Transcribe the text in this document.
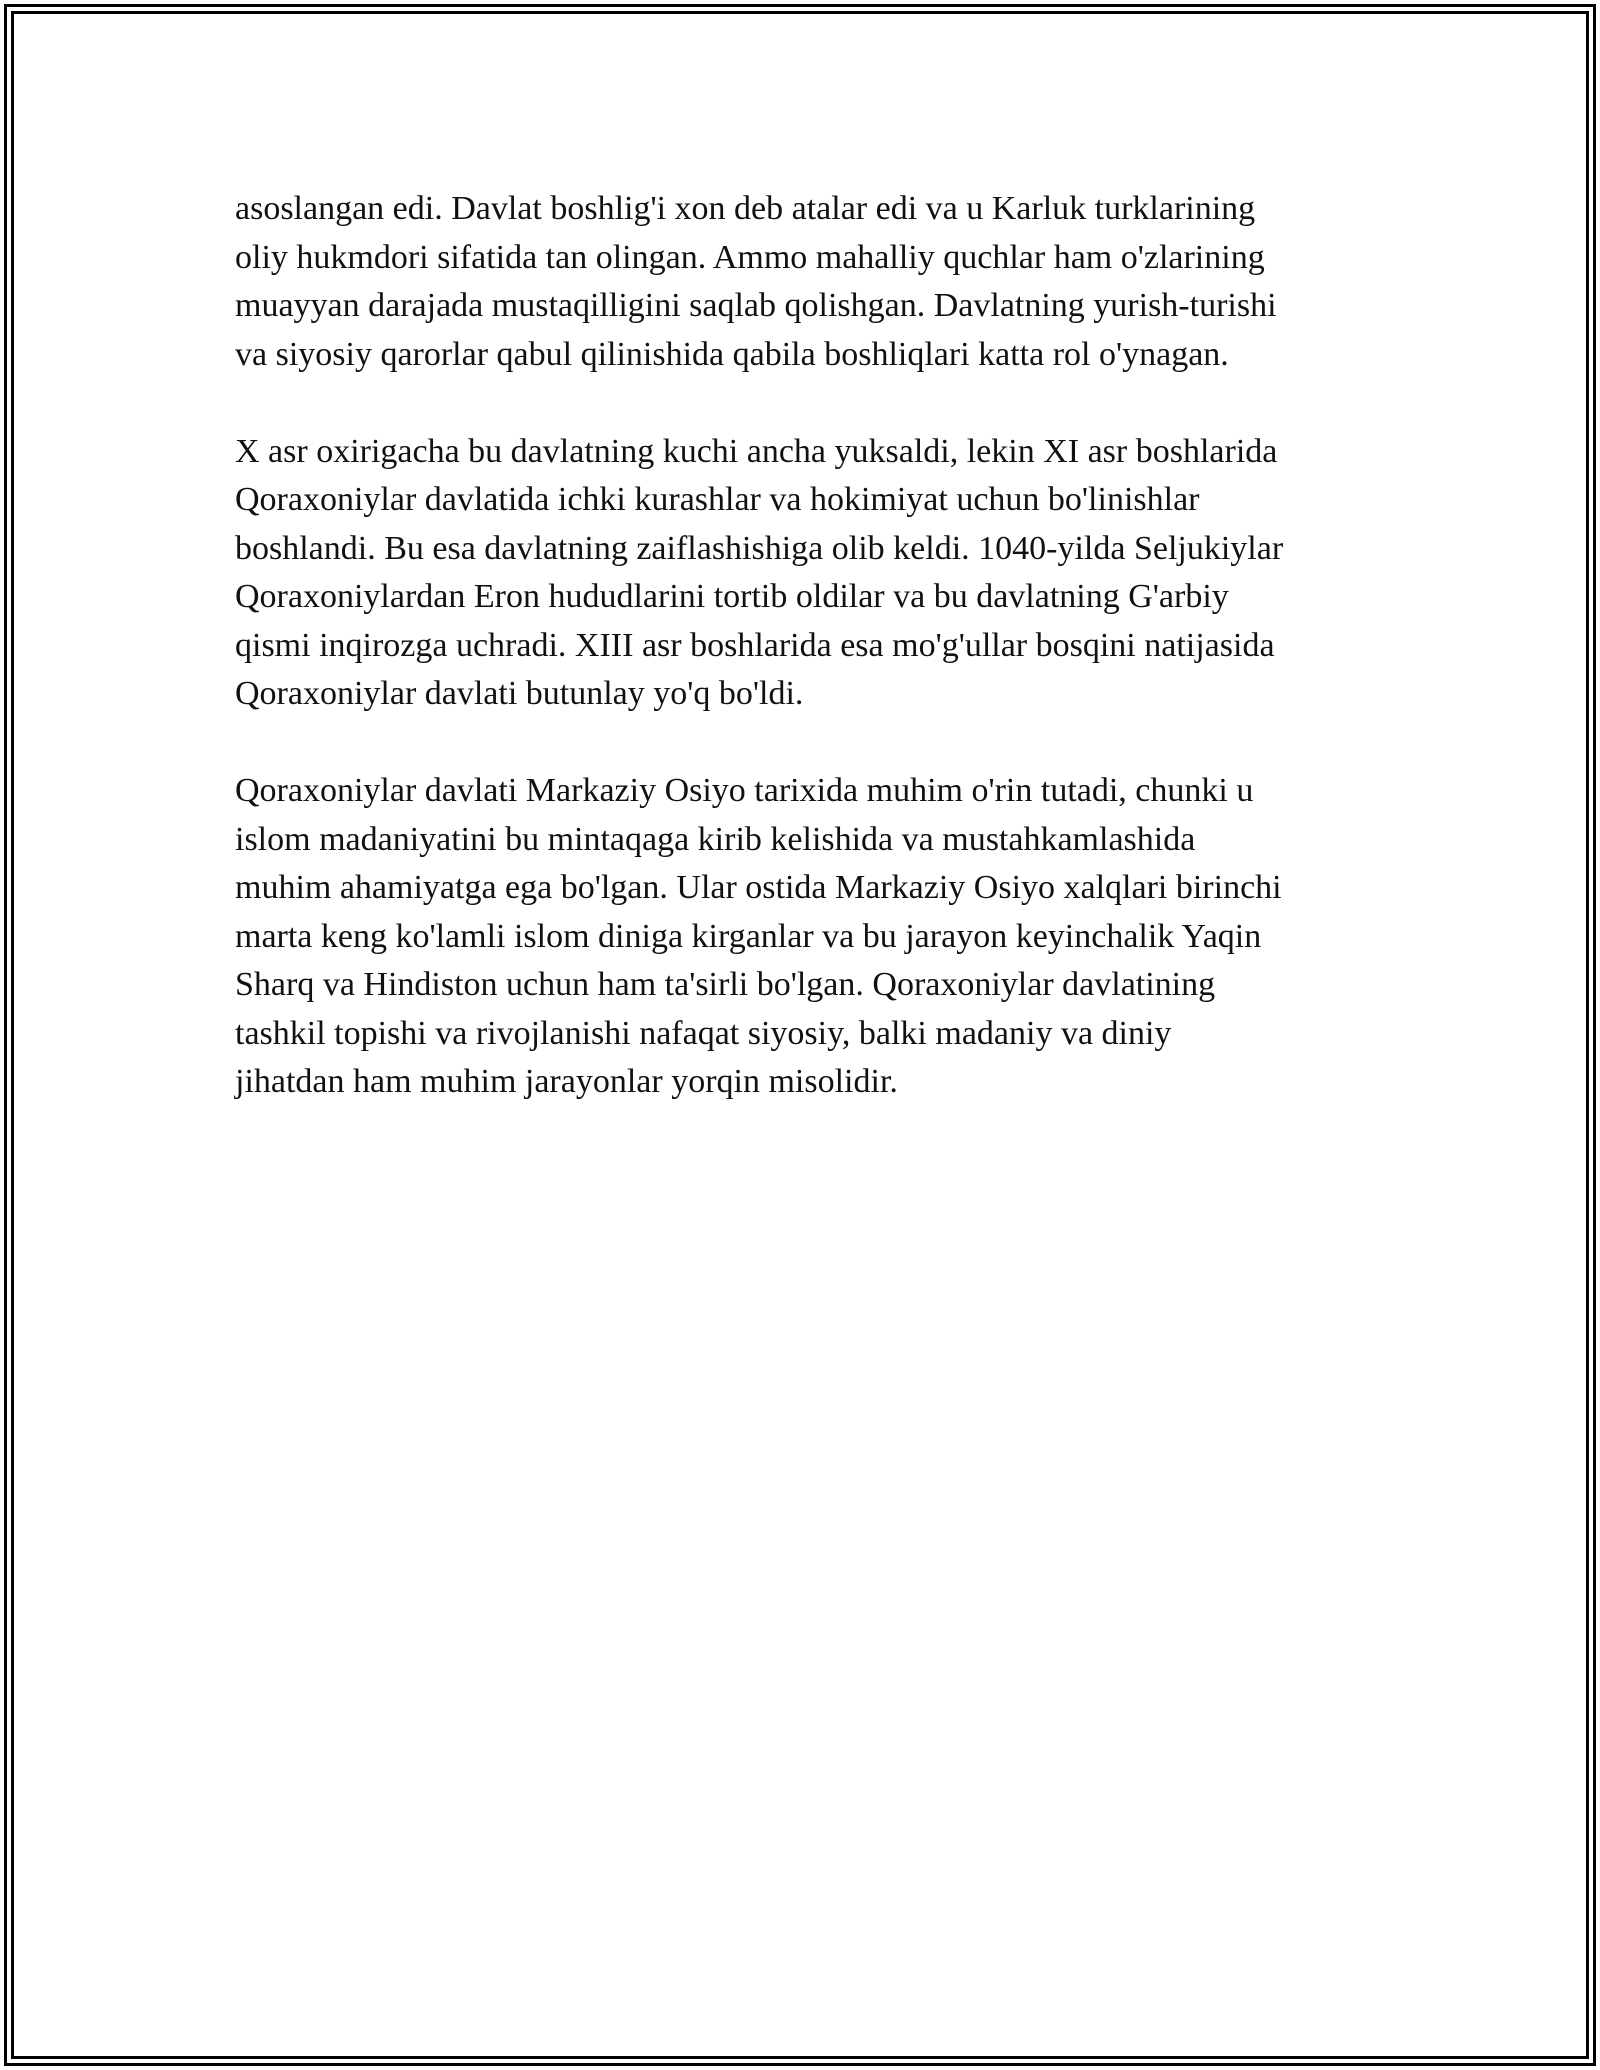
asoslangan edi. Davlat boshlig'i xon deb atalar edi va u Karluk turklarining
oliy hukmdori sifatida tan olingan. Ammo mahalliy quchlar ham o'zlarining
muayyan darajada mustaqilligini saqlab qolishgan. Davlatning yurish-turishi
va siyosiy qarorlar qabul qilinishida qabila boshliqlari katta rol o'ynagan.

X asr oxirigacha bu davlatning kuchi ancha yuksaldi, lekin XI asr boshlarida
Qoraxoniylar davlatida ichki kurashlar va hokimiyat uchun bo'linishlar
boshlandi. Bu esa davlatning zaiflashishiga olib keldi. 1040-yilda Seljukiylar
Qoraxoniylardan Eron hududlarini tortib oldilar va bu davlatning G'arbiy
qismi inqirozga uchradi. XIII asr boshlarida esa mo'g'ullar bosqini natijasida
Qoraxoniylar davlati butunlay yo'q bo'ldi.

Qoraxoniylar davlati Markaziy Osiyo tarixida muhim o'rin tutadi, chunki u
islom madaniyatini bu mintaqaga kirib kelishida va mustahkamlashida
muhim ahamiyatga ega bo'lgan. Ular ostida Markaziy Osiyo xalqlari birinchi
marta keng ko'lamli islom diniga kirganlar va bu jarayon keyinchalik Yaqin
Sharq va Hindiston uchun ham ta'sirli bo'lgan. Qoraxoniylar davlatining
tashkil topishi va rivojlanishi nafaqat siyosiy, balki madaniy va diniy
jihatdan ham muhim jarayonlar yorqin misolidir.
